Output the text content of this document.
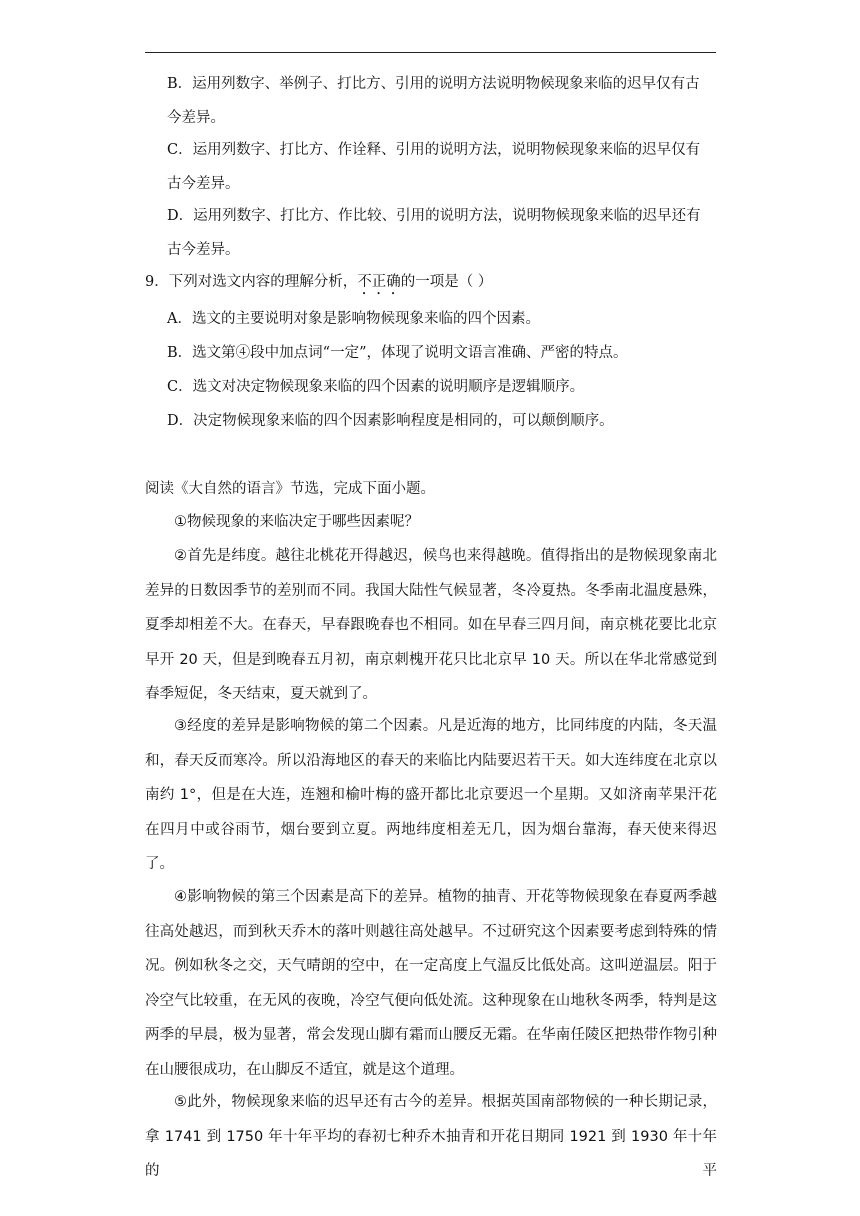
B．运用列数字、举例子、打比方、引用的说明方法说明物候现象来临的迟早仅有古
今差异。
C．运用列数字、打比方、作诠释、引用的说明方法，说明物候现象来临的迟早仅有
古今差异。
D．运用列数字、打比方、作比较、引用的说明方法，说明物候现象来临的迟早还有
古今差异。
9．下列对选文内容的理解分析，不正确的一项是（ ）
A．选文的主要说明对象是影响物候现象来临的四个因素。
B．选文第④段中加点词“一定”，体现了说明文语言准确、严密的特点。
C．选文对决定物候现象来临的四个因素的说明顺序是逻辑顺序。
D．决定物候现象来临的四个因素影响程度是相同的，可以颠倒顺序。
阅读《大自然的语言》节选，完成下面小题。
①物候现象的来临决定于哪些因素呢？
②首先是纬度。越往北桃花开得越迟，候鸟也来得越晚。值得指出的是物候现象南北差异的日数因季节的差别而不同。我国大陆性气候显著，冬冷夏热。冬季南北温度悬殊，夏季却相差不大。在春天，早春跟晚春也不相同。如在早春三四月间，南京桃花要比北京早开 20 天，但是到晚春五月初，南京刺槐开花只比北京早 10 天。所以在华北常感觉到春季短促，冬天结束，夏天就到了。
③经度的差异是影响物候的第二个因素。凡是近海的地方，比同纬度的内陆，冬天温和，春天反而寒冷。所以沿海地区的春天的来临比内陆要迟若干天。如大连纬度在北京以南约 1°，但是在大连，连翘和榆叶梅的盛开都比北京要迟一个星期。又如济南苹果汗花在四月中或谷雨节，烟台要到立夏。两地纬度相差无几，因为烟台靠海，春天使来得迟了。
④影响物候的第三个因素是高下的差异。植物的抽青、开花等物候现象在春夏两季越往高处越迟，而到秋天乔木的落叶则越往高处越早。不过研究这个因素要考虑到特殊的情况。例如秋冬之交，天气晴朗的空中，在一定高度上气温反比低处高。这叫逆温层。阳于冷空气比较重，在无风的夜晚，冷空气便向低处流。这种现象在山地秋冬两季，特判是这两季的早晨，极为显著，常会发现山脚有霜而山腰反无霜。在华南任陵区把热带作物引种在山腰很成功，在山脚反不适宜，就是这个道理。
⑤此外，物候现象来临的迟早还有古今的差异。根据英国南部物候的一种长期记录，拿 1741 到 1750 年十年平均的春初七种乔木抽青和开花日期同 1921 到 1930 年十年的平
